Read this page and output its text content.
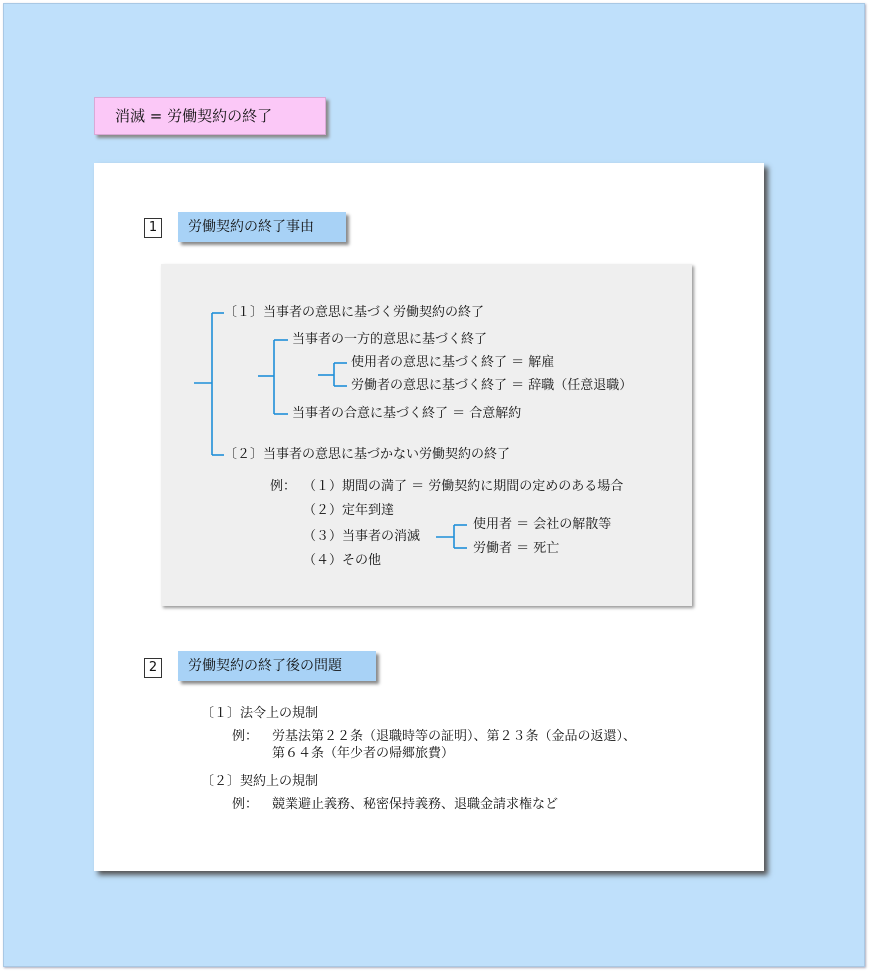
消滅 = 労働契約の終了
1	労働契約の終了事由
〔１〕当事者の意思に基づく労働契約の終了
当事者の一方的意思に基づく終了
使用者の意思に基づく終了 ＝ 解雇
労働者の意思に基づく終了 ＝ 辞職（任意退職）
当事者の合意に基づく終了 ＝ 合意解約
〔２〕当事者の意思に基づかない労働契約の終了
例： （１）期間の満了 ＝ 労働契約に期間の定めのある場合
（２）定年到達
（３）当事者の消滅
使用者 ＝ 会社の解散等
労働者 ＝ 死亡
（４）その他
2	労働契約の終了後の問題
〔１〕法令上の規制
例： 労基法第２２条（退職時等の証明）、第２３条（金品の返還）、
第６４条（年少者の帰郷旅費）
〔２〕契約上の規制
例： 競業避止義務、秘密保持義務、退職金請求権など
